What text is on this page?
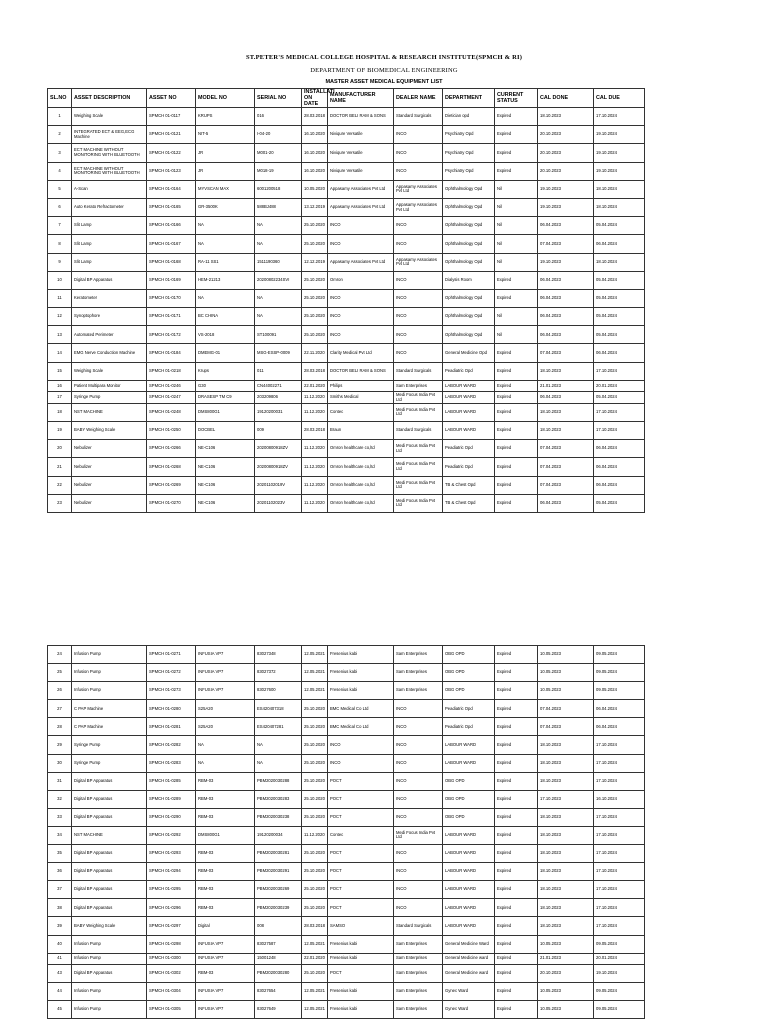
ST.PETER'S MEDICAL COLLEGE HOSPITAL & RESEARCH INSTITUTE(SPMCH & RI)
DEPARTMENT OF BIOMEDICAL ENGINEERING
MASTER ASSET MEDICAL EQUIPMENT LIST
SL.NO	ASSET DESCRIPTION	ASSET NO	MODEL NO	SERIAL NO	INSTALLATI ON DATE	MANUFACTURER NAME	DEALER NAME	DEPARTMENT	CURRENT STATUS	CAL DONE	CAL DUE
1	Weighing Scale	SPMCH 01-0117	KRUPS	016	28.03.2018	DOCTOR BELI RAM & SONS	Standard Surgicals	Dietician opd	Expired	18.10.2023	17.10.2024
2	INTEGRATED ECT & EEG,ECG Machine	SPMCH 01-0121	NIT-5	I-04-20	16.10.2020	Niviqure Versatile	INCO	Psychiatry Opd	Expired	20.10.2023	19.10.2024
3	ECT MACHINE WITHOUT MONITORING WITH BLUETOOTH	SPMCH 01-0122	JR	M001-20	16.10.2020	Niviqure Versatile	INCO	Psychiatry Opd	Expired	20.10.2023	19.10.2024
4	ECT MACHINE WITHOUT MONITORING WITH BLUETOOTH	SPMCH 01-0123	JR	M018-19	16.10.2020	Niviqure Versatile	INCO	Psychiatry Opd	Expired	20.10.2023	19.10.2024
5	A-Scan	SPMCH 01-0164	MYVSCAN MAX	6001200518	10.05.2020	Appasamy Associates Pvt Ltd	Appasamy Associates Pvt Ltd	Ophthalmology Opd	Nil	19.10.2023	18.10.2024
6	Auto Kerato Refractometer	SPMCH 01-0165	GR-3500K	588BJ488	13.12.2019	Appasamy Associates Pvt Ltd	Appasamy Associates Pvt Ltd	Ophthalmology Opd	Nil	19.10.2023	18.10.2024
7	Slit Lamp	SPMCH 01-0166	NA	NA	25.10.2020	INCO	INCO	Ophthalmology Opd	Nil	06.04.2023	05.04.2024
8	Slit Lamp	SPMCH 01-0167	NA	NA	25.10.2020	INCO	INCO	Ophthalmology Opd	Nil	07.04.2023	06.04.2024
9	Slit Lamp	SPMCH 01-0168	RA-11 SS1	1511190360	12.12.2019	Appasamy Associates Pvt Ltd	Appasamy Associates Pvt Ltd	Ophthalmology Opd	Nil	19.10.2023	18.10.2024
10	Digital BP Apparatus	SPMCH 01-0169	HEM-21213	20200802234SVI	25.10.2020	Omron	INCO	Dialysis Room	Expired	06.04.2023	05.04.2024
11	Keratometer	SPMCH 01-0170	NA	NA	25.10.2020	INCO	INCO	Ophthalmology Opd	Expired	06.04.2023	05.04.2024
12	Synoptophore	SPMCH 01-0171	BC CHINA	NA	25.10.2020	INCO	INCO	Ophthalmology Opd	Nil	06.04.2023	05.04.2024
13	Automated Perimeter	SPMCH 01-0172	VS-2018	ST100091	25.10.2020	INCO	INCO	Ophthalmology Opd	Nil	06.04.2023	05.04.2024
14	EMG Nerve Conduction Machine	SPMCH 01-0184	DMEMG-01	MSG-ESSP-0009	22.11.2020	Clarity Medical Pvt Ltd	INCO	General Medicine Opd	Expired	07.04.2023	06.04.2024
15	Weighing Scale	SPMCH 01-0218	Krups	011	28.03.2018	DOCTOR BELI RAM & SONS	Standard Surgicals	Peadiatric Opd	Expired	18.10.2023	17.10.2024
16	Patient Multipara Monitor	SPMCH 01-0246	G30	CN44002271	22.01.2020	Philips	Sam Enterprises	LABOUR WARD	Expired	21.01.2023	20.01.2024
17	Syringe Pump	SPMCH 01-0247	DRASESP TM C9	203209806	11.12.2020	Smiths Medical	Medi Focus India Pvt Ltd	LABOUR WARD	Expired	06.04.2023	05.04.2024
18	NST MACHINE	SPMCH 01-0248	DMS800G1	19120200031	11.12.2020	Contec	Medi Focus India Pvt Ltd	LABOUR WARD	Expired	18.10.2023	17.10.2024
19	BABY Weighing Scale	SPMCH 01-0250	DOCBEL	009	28.03.2018	Braun	Standard Surgicals	LABOUR WARD	Expired	18.10.2023	17.10.2024
20	Nebulizer	SPMCH 01-0266	NE-C106	20200800918ZV	11.12.2020	Omron healthcare co,ltd	Medi Focus India Pvt Ltd	Peadiatric Opd	Expired	07.04.2023	06.04.2024
21	Nebulizer	SPMCH 01-0268	NE-C106	20200800918ZV	11.12.2020	Omron healthcare co,ltd	Medi Focus India Pvt Ltd	Peadiatric Opd	Expired	07.04.2023	06.04.2024
22	Nebulizer	SPMCH 01-0269	NE-C106	20201102019V	11.12.2020	Omron healthcare co,ltd	Medi Focus India Pvt Ltd	TB & Chest Opd	Expired	07.04.2023	06.04.2024
23	Nebulizer	SPMCH 01-0270	NE-C106	20201102023V	11.12.2020	Omron healthcare co,ltd	Medi Focus India Pvt Ltd	TB & Chest Opd	Expired	06.04.2023	05.04.2024
24	Infusion Pump	SPMCH 01-0271	INFUSIA VP7	83027348	12.05.2021	Fresenius kabi	Sam Enterprises	OBG OPD	Expired	10.05.2023	09.05.2024
25	Infusion Pump	SPMCH 01-0272	INFUSIA VP7	83027372	12.05.2021	Fresenius kabi	Sam Enterprises	OBG OPD	Expired	10.05.2023	09.05.2024
26	Infusion Pump	SPMCH 01-0273	INFUSIA VP7	83027600	12.05.2021	Fresenius kabi	Sam Enterprises	OBG OPD	Expired	10.05.2023	09.05.2024
27	C PAP Machine	SPMCH 01-0280	S25A20	ES420407318	25.10.2020	BMC Medical Co Ltd	INCO	Peadiatric Opd	Expired	07.04.2023	06.04.2024
28	C PAP Machine	SPMCH 01-0281	S25A20	ES420407281	25.10.2020	BMC Medical Co Ltd	INCO	Peadiatric Opd	Expired	07.04.2023	06.04.2024
29	Syringe Pump	SPMCH 01-0282	NA	NA	25.10.2020	INCO	INCO	LABOUR WARD	Expired	18.10.2023	17.10.2024
30	Syringe Pump	SPMCH 01-0283	NA	NA	25.10.2020	INCO	INCO	LABOUR WARD	Expired	18.10.2023	17.10.2024
31	Digital BP Apparatus	SPMCH 01-0285	RBM-03	PBM2020030288	25.10.2020	POCT	INCO	OBG OPD	Expired	18.10.2023	17.10.2024
32	Digital BP Apparatus	SPMCH 01-0289	RBM-03	PBM2020030283	25.10.2020	POCT	INCO	OBG OPD	Expired	17.10.2023	16.10.2024
33	Digital BP Apparatus	SPMCH 01-0290	RBM-03	PBM2020030238	25.10.2020	POCT	INCO	OBG OPD	Expired	18.10.2023	17.10.2024
34	NST MACHINE	SPMCH 01-0292	DMS800G1	19120200034	11.12.2020	Contec	Medi Focus India Pvt Ltd	LABOUR WARD	Expired	18.10.2023	17.10.2024
35	Digital BP Apparatus	SPMCH 01-0293	RBM-03	PBM2020030281	25.10.2020	POCT	INCO	LABOUR WARD	Expired	18.10.2023	17.10.2024
36	Digital BP Apparatus	SPMCH 01-0294	RBM-03	PBM2020030291	25.10.2020	POCT	INCO	LABOUR WARD	Expired	18.10.2023	17.10.2024
37	Digital BP Apparatus	SPMCH 01-0295	RBM-03	PBM2020030269	25.10.2020	POCT	INCO	LABOUR WARD	Expired	18.10.2023	17.10.2024
38	Digital BP Apparatus	SPMCH 01-0296	RBM-03	PBM2020030239	25.10.2020	POCT	INCO	LABOUR WARD	Expired	18.10.2023	17.10.2024
39	BABY Weighing Scale	SPMCH 01-0297	Digital	008	28.03.2018	SAMSO	Standard Surgicals	LABOUR WARD	Expired	18.10.2023	17.10.2024
40	Infusion Pump	SPMCH 01-0298	INFUSIA VP7	83027587	12.05.2021	Fresenius kabi	Sam Enterprises	General Medicine Ward	Expired	10.05.2023	09.05.2024
41	Infusion Pump	SPMCH 01-0300	INFUSIA VP7	15001248	22.01.2020	Fresenius kabi	Sam Enterprises	General Medicine ward	Expired	21.01.2023	20.01.2024
43	Digital BP Apparatus	SPMCH 01-0302	RBM-03	PBM2020030280	25.10.2020	POCT	Sam Enterprises	General Medicine ward	Expired	20.10.2023	19.10.2024
44	Infusion Pump	SPMCH 01-0304	INFUSIA VP7	83027654	12.05.2021	Fresenius kabi	Sam Enterprises	Gynec Ward	Expired	10.05.2023	09.05.2024
45	Infusion Pump	SPMCH 01-0305	INFUSIA VP7	83027649	12.05.2021	Fresenius kabi	Sam Enterprises	Gynec Ward	Expired	10.05.2023	09.05.2024
